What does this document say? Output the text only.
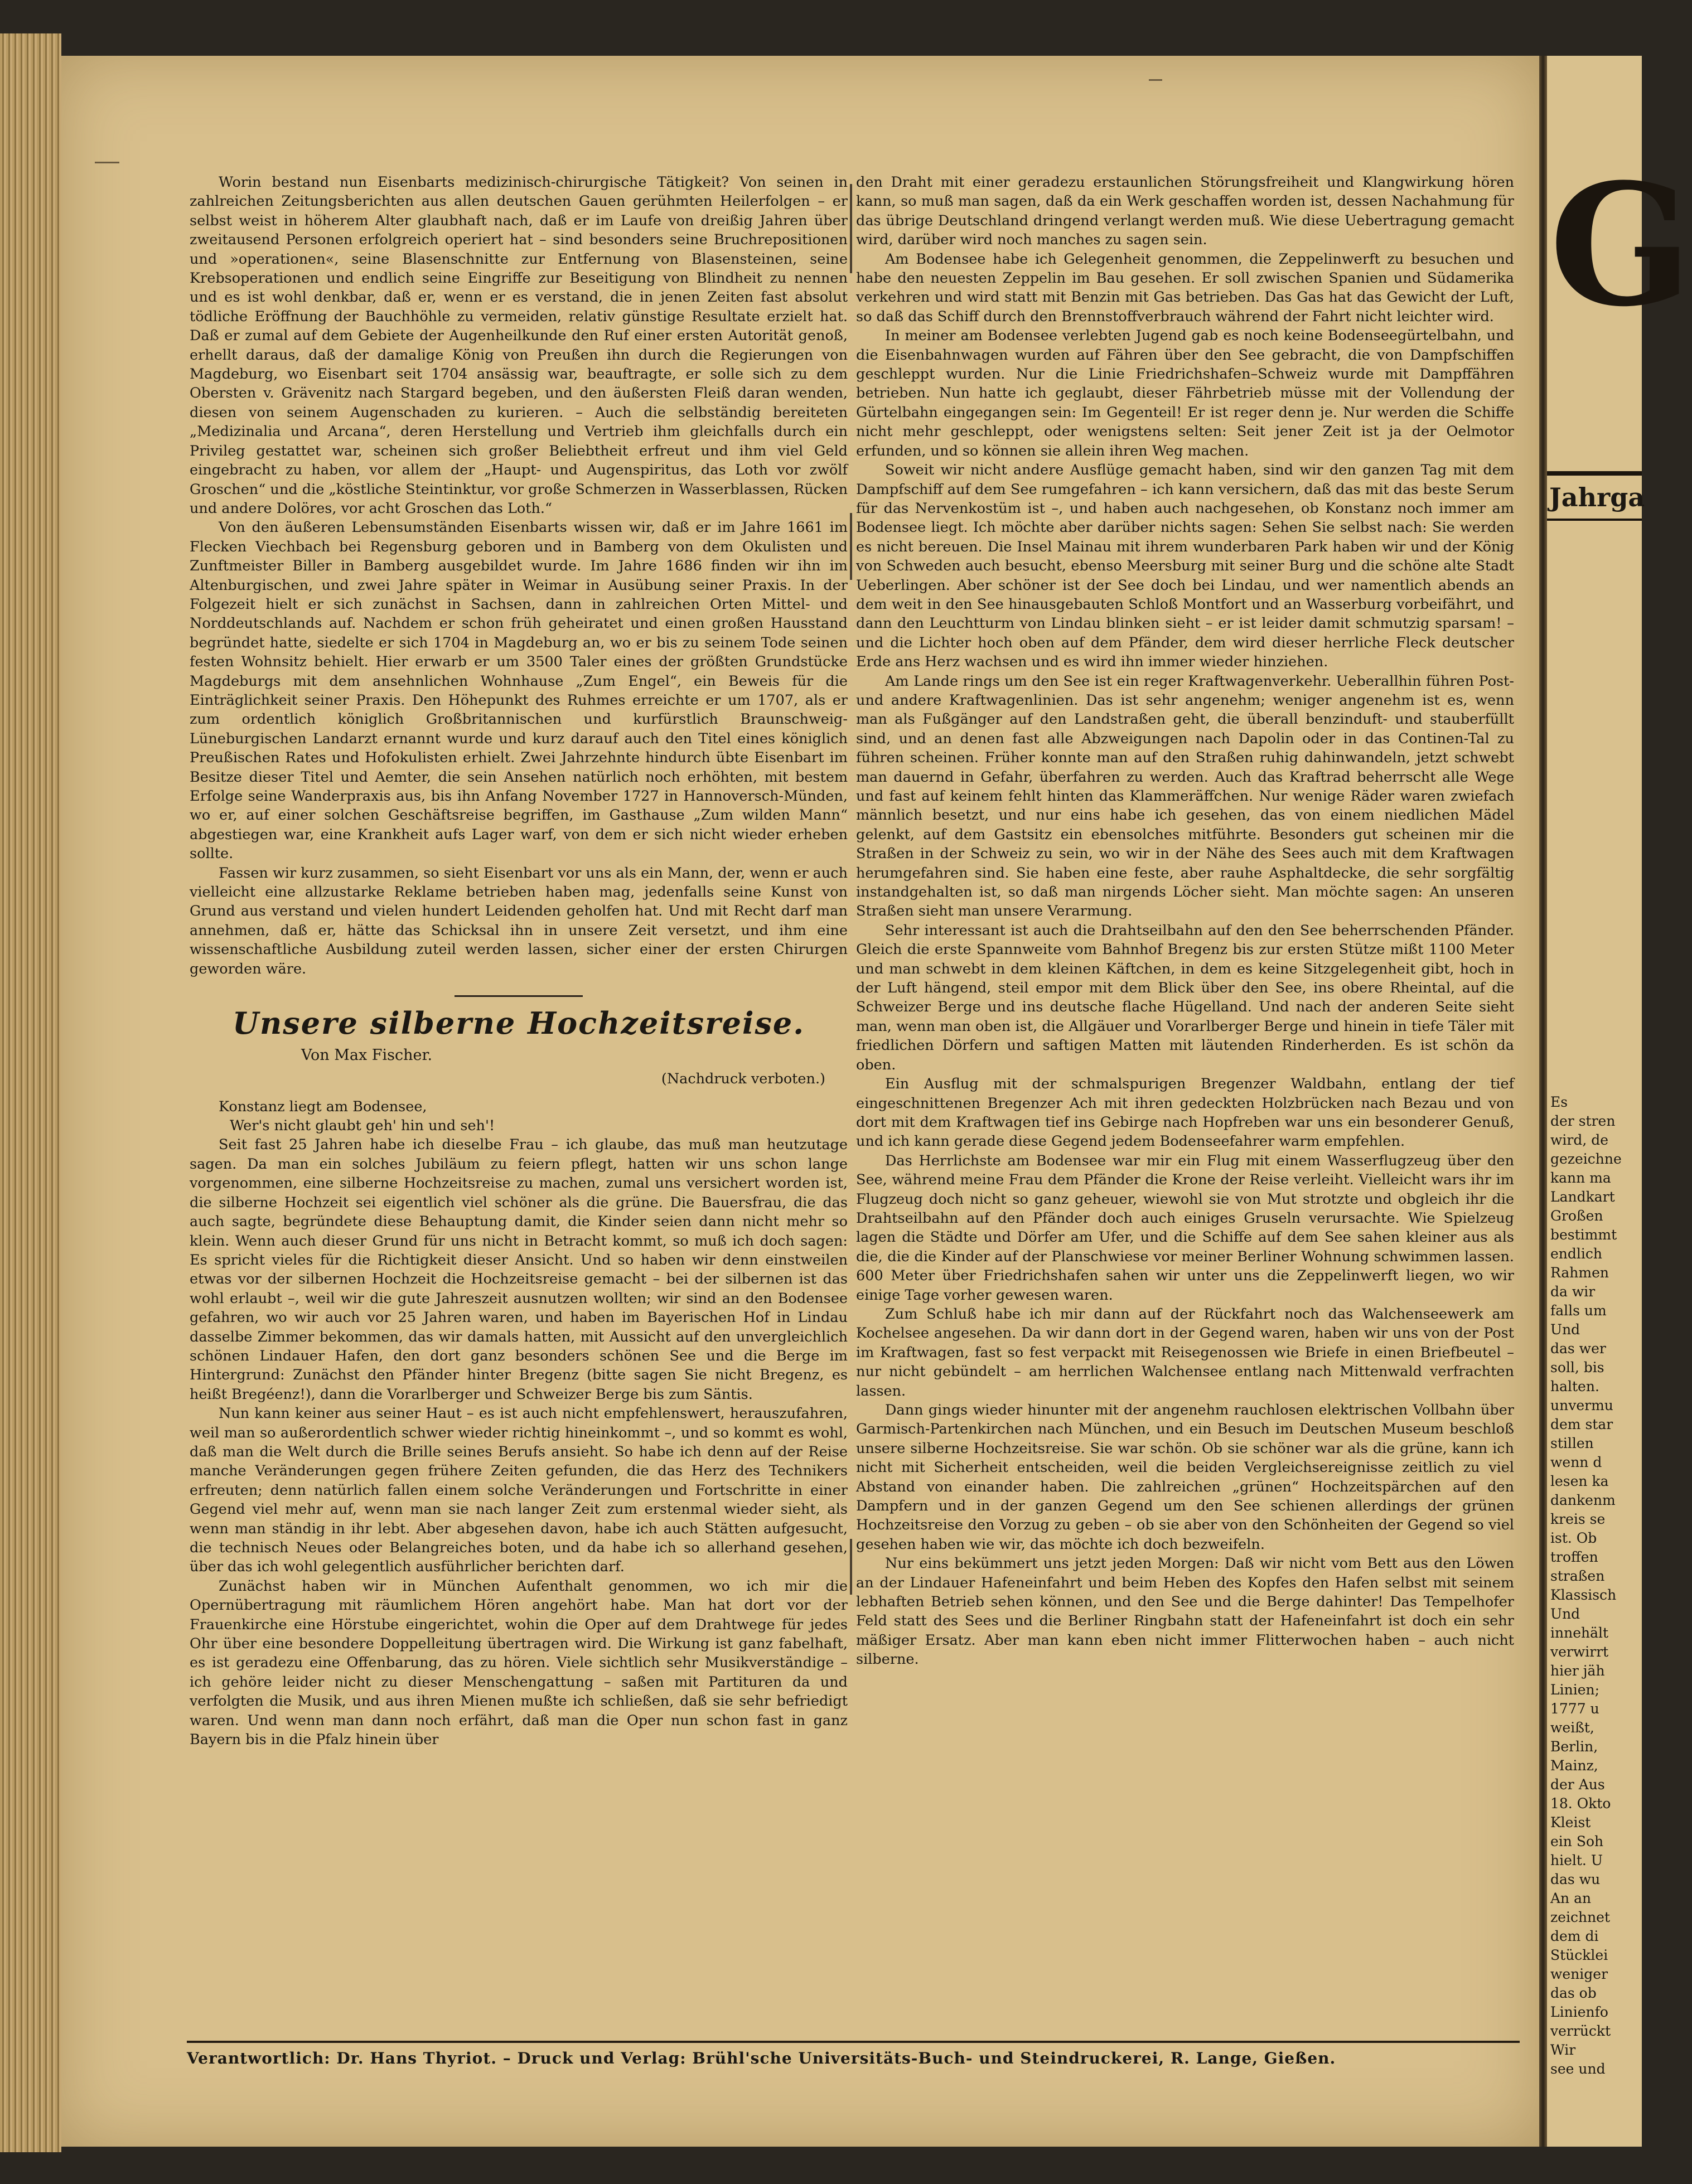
Worin bestand nun Eisenbarts medizinisch-chirurgische Tätigkeit? Von seinen in zahlreichen Zeitungsberichten aus allen deutschen Gauen gerühmten Heilerfolgen – er selbst weist in höherem Alter glaubhaft nach, daß er im Laufe von dreißig Jahren über zweitausend Personen erfolgreich operiert hat – sind besonders seine Bruchrepositionen und »operationen«, seine Blasenschnitte zur Entfernung von Blasensteinen, seine Krebsoperationen und endlich seine Eingriffe zur Beseitigung von Blindheit zu nennen und es ist wohl denkbar, daß er, wenn er es verstand, die in jenen Zeiten fast absolut tödliche Eröffnung der Bauchhöhle zu vermeiden, relativ günstige Resultate erzielt hat. Daß er zumal auf dem Gebiete der Augenheilkunde den Ruf einer ersten Autorität genoß, erhellt daraus, daß der damalige König von Preußen ihn durch die Regierungen von Magdeburg, wo Eisenbart seit 1704 ansässig war, beauftragte, er solle sich zu dem Obersten v. Grävenitz nach Stargard begeben, und den äußersten Fleiß daran wenden, diesen von seinem Augenschaden zu kurieren. – Auch die selbständig bereiteten „Medizinalia und Arcana“, deren Herstellung und Vertrieb ihm gleichfalls durch ein Privileg gestattet war, scheinen sich großer Beliebtheit erfreut und ihm viel Geld eingebracht zu haben, vor allem der „Haupt- und Augenspiritus, das Loth vor zwölf Groschen“ und die „köstliche Steintinktur, vor große Schmerzen in Wasserblassen, Rücken und andere Dolöres, vor acht Groschen das Loth.“

Von den äußeren Lebensumständen Eisenbarts wissen wir, daß er im Jahre 1661 im Flecken Viechbach bei Regensburg geboren und in Bamberg von dem Okulisten und Zunftmeister Biller in Bamberg ausgebildet wurde. Im Jahre 1686 finden wir ihn im Altenburgischen, und zwei Jahre später in Weimar in Ausübung seiner Praxis. In der Folgezeit hielt er sich zunächst in Sachsen, dann in zahlreichen Orten Mittel- und Norddeutschlands auf. Nachdem er schon früh geheiratet und einen großen Hausstand begründet hatte, siedelte er sich 1704 in Magdeburg an, wo er bis zu seinem Tode seinen festen Wohnsitz behielt. Hier erwarb er um 3500 Taler eines der größten Grundstücke Magdeburgs mit dem ansehnlichen Wohnhause „Zum Engel“, ein Beweis für die Einträglichkeit seiner Praxis. Den Höhepunkt des Ruhmes erreichte er um 1707, als er zum ordentlich königlich Großbritannischen und kurfürstlich Braunschweig-Lüneburgischen Landarzt ernannt wurde und kurz darauf auch den Titel eines königlich Preußischen Rates und Hofokulisten erhielt. Zwei Jahrzehnte hindurch übte Eisenbart im Besitze dieser Titel und Aemter, die sein Ansehen natürlich noch erhöhten, mit bestem Erfolge seine Wanderpraxis aus, bis ihn Anfang November 1727 in Hannoversch-Münden, wo er, auf einer solchen Geschäftsreise begriffen, im Gasthause „Zum wilden Mann“ abgestiegen war, eine Krankheit aufs Lager warf, von dem er sich nicht wieder erheben sollte.

Fassen wir kurz zusammen, so sieht Eisenbart vor uns als ein Mann, der, wenn er auch vielleicht eine allzustarke Reklame betrieben haben mag, jedenfalls seine Kunst von Grund aus verstand und vielen hundert Leidenden geholfen hat. Und mit Recht darf man annehmen, daß er, hätte das Schicksal ihn in unsere Zeit versetzt, und ihm eine wissenschaftliche Ausbildung zuteil werden lassen, sicher einer der ersten Chirurgen geworden wäre.

Unsere silberne Hochzeitsreise.
Von Max Fischer.
(Nachdruck verboten.)

Konstanz liegt am Bodensee,
Wer's nicht glaubt geh' hin und seh'!

Seit fast 25 Jahren habe ich dieselbe Frau – ich glaube, das muß man heutzutage sagen. Da man ein solches Jubiläum zu feiern pflegt, hatten wir uns schon lange vorgenommen, eine silberne Hochzeitsreise zu machen, zumal uns versichert worden ist, die silberne Hochzeit sei eigentlich viel schöner als die grüne. Die Bauersfrau, die das auch sagte, begründete diese Behauptung damit, die Kinder seien dann nicht mehr so klein. Wenn auch dieser Grund für uns nicht in Betracht kommt, so muß ich doch sagen: Es spricht vieles für die Richtigkeit dieser Ansicht. Und so haben wir denn einstweilen etwas vor der silbernen Hochzeit die Hochzeitsreise gemacht – bei der silbernen ist das wohl erlaubt –, weil wir die gute Jahreszeit ausnutzen wollten; wir sind an den Bodensee gefahren, wo wir auch vor 25 Jahren waren, und haben im Bayerischen Hof in Lindau dasselbe Zimmer bekommen, das wir damals hatten, mit Aussicht auf den unvergleichlich schönen Lindauer Hafen, den dort ganz besonders schönen See und die Berge im Hintergrund: Zunächst den Pfänder hinter Bregenz (bitte sagen Sie nicht Bregenz, es heißt Bregéenz!), dann die Vorarlberger und Schweizer Berge bis zum Säntis.

Nun kann keiner aus seiner Haut – es ist auch nicht empfehlenswert, herauszufahren, weil man so außerordentlich schwer wieder richtig hineinkommt –, und so kommt es wohl, daß man die Welt durch die Brille seines Berufs ansieht. So habe ich denn auf der Reise manche Veränderungen gegen frühere Zeiten gefunden, die das Herz des Technikers erfreuten; denn natürlich fallen einem solche Veränderungen und Fortschritte in einer Gegend viel mehr auf, wenn man sie nach langer Zeit zum erstenmal wieder sieht, als wenn man ständig in ihr lebt. Aber abgesehen davon, habe ich auch Stätten aufgesucht, die technisch Neues oder Belangreiches boten, und da habe ich so allerhand gesehen, über das ich wohl gelegentlich ausführlicher berichten darf.

Zunächst haben wir in München Aufenthalt genommen, wo ich mir die Opernübertragung mit räumlichem Hören angehört habe. Man hat dort vor der Frauenkirche eine Hörstube eingerichtet, wohin die Oper auf dem Drahtwege für jedes Ohr über eine besondere Doppelleitung übertragen wird. Die Wirkung ist ganz fabelhaft, es ist geradezu eine Offenbarung, das zu hören. Viele sichtlich sehr Musikverständige – ich gehöre leider nicht zu dieser Menschengattung – saßen mit Partituren da und verfolgten die Musik, und aus ihren Mienen mußte ich schließen, daß sie sehr befriedigt waren. Und wenn man dann noch erfährt, daß man die Oper nun schon fast in ganz Bayern bis in die Pfalz hinein über

den Draht mit einer geradezu erstaunlichen Störungsfreiheit und Klangwirkung hören kann, so muß man sagen, daß da ein Werk geschaffen worden ist, dessen Nachahmung für das übrige Deutschland dringend verlangt werden muß. Wie diese Uebertragung gemacht wird, darüber wird noch manches zu sagen sein.

Am Bodensee habe ich Gelegenheit genommen, die Zeppelinwerft zu besuchen und habe den neuesten Zeppelin im Bau gesehen. Er soll zwischen Spanien und Südamerika verkehren und wird statt mit Benzin mit Gas betrieben. Das Gas hat das Gewicht der Luft, so daß das Schiff durch den Brennstoffverbrauch während der Fahrt nicht leichter wird.

In meiner am Bodensee verlebten Jugend gab es noch keine Bodenseegürtelbahn, und die Eisenbahnwagen wurden auf Fähren über den See gebracht, die von Dampfschiffen geschleppt wurden. Nur die Linie Friedrichshafen–Schweiz wurde mit Dampffähren betrieben. Nun hatte ich geglaubt, dieser Fährbetrieb müsse mit der Vollendung der Gürtelbahn eingegangen sein: Im Gegenteil! Er ist reger denn je. Nur werden die Schiffe nicht mehr geschleppt, oder wenigstens selten: Seit jener Zeit ist ja der Oelmotor erfunden, und so können sie allein ihren Weg machen.

Soweit wir nicht andere Ausflüge gemacht haben, sind wir den ganzen Tag mit dem Dampfschiff auf dem See rumgefahren – ich kann versichern, daß das mit das beste Serum für das Nervenkostüm ist –, und haben auch nachgesehen, ob Konstanz noch immer am Bodensee liegt. Ich möchte aber darüber nichts sagen: Sehen Sie selbst nach: Sie werden es nicht bereuen. Die Insel Mainau mit ihrem wunderbaren Park haben wir und der König von Schweden auch besucht, ebenso Meersburg mit seiner Burg und die schöne alte Stadt Ueberlingen. Aber schöner ist der See doch bei Lindau, und wer namentlich abends an dem weit in den See hinausgebauten Schloß Montfort und an Wasserburg vorbeifährt, und dann den Leuchtturm von Lindau blinken sieht – er ist leider damit schmutzig sparsam! – und die Lichter hoch oben auf dem Pfänder, dem wird dieser herrliche Fleck deutscher Erde ans Herz wachsen und es wird ihn immer wieder hinziehen.

Am Lande rings um den See ist ein reger Kraftwagenverkehr. Ueberallhin führen Post- und andere Kraftwagenlinien. Das ist sehr angenehm; weniger angenehm ist es, wenn man als Fußgänger auf den Landstraßen geht, die überall benzinduft- und stauberfüllt sind, und an denen fast alle Abzweigungen nach Dapolin oder in das Continen-Tal zu führen scheinen. Früher konnte man auf den Straßen ruhig dahinwandeln, jetzt schwebt man dauernd in Gefahr, überfahren zu werden. Auch das Kraftrad beherrscht alle Wege und fast auf keinem fehlt hinten das Klammeräffchen. Nur wenige Räder waren zwiefach männlich besetzt, und nur eins habe ich gesehen, das von einem niedlichen Mädel gelenkt, auf dem Gastsitz ein ebensolches mitführte. Besonders gut scheinen mir die Straßen in der Schweiz zu sein, wo wir in der Nähe des Sees auch mit dem Kraftwagen herumgefahren sind. Sie haben eine feste, aber rauhe Asphaltdecke, die sehr sorgfältig instandgehalten ist, so daß man nirgends Löcher sieht. Man möchte sagen: An unseren Straßen sieht man unsere Verarmung.

Sehr interessant ist auch die Drahtseilbahn auf den den See beherrschenden Pfänder. Gleich die erste Spannweite vom Bahnhof Bregenz bis zur ersten Stütze mißt 1100 Meter und man schwebt in dem kleinen Käftchen, in dem es keine Sitzgelegenheit gibt, hoch in der Luft hängend, steil empor mit dem Blick über den See, ins obere Rheintal, auf die Schweizer Berge und ins deutsche flache Hügelland. Und nach der anderen Seite sieht man, wenn man oben ist, die Allgäuer und Vorarlberger Berge und hinein in tiefe Täler mit friedlichen Dörfern und saftigen Matten mit läutenden Rinderherden. Es ist schön da oben.

Ein Ausflug mit der schmalspurigen Bregenzer Waldbahn, entlang der tief eingeschnittenen Bregenzer Ach mit ihren gedeckten Holzbrücken nach Bezau und von dort mit dem Kraftwagen tief ins Gebirge nach Hopfreben war uns ein besonderer Genuß, und ich kann gerade diese Gegend jedem Bodenseefahrer warm empfehlen.

Das Herrlichste am Bodensee war mir ein Flug mit einem Wasserflugzeug über den See, während meine Frau dem Pfänder die Krone der Reise verleiht. Vielleicht wars ihr im Flugzeug doch nicht so ganz geheuer, wiewohl sie von Mut strotzte und obgleich ihr die Drahtseilbahn auf den Pfänder doch auch einiges Gruseln verursachte. Wie Spielzeug lagen die Städte und Dörfer am Ufer, und die Schiffe auf dem See sahen kleiner aus als die, die die Kinder auf der Planschwiese vor meiner Berliner Wohnung schwimmen lassen. 600 Meter über Friedrichshafen sahen wir unter uns die Zeppelinwerft liegen, wo wir einige Tage vorher gewesen waren.

Zum Schluß habe ich mir dann auf der Rückfahrt noch das Walchenseewerk am Kochelsee angesehen. Da wir dann dort in der Gegend waren, haben wir uns von der Post im Kraftwagen, fast so fest verpackt mit Reisegenossen wie Briefe in einen Briefbeutel – nur nicht gebündelt – am herrlichen Walchensee entlang nach Mittenwald verfrachten lassen.

Dann gings wieder hinunter mit der angenehm rauchlosen elektrischen Vollbahn über Garmisch-Partenkirchen nach München, und ein Besuch im Deutschen Museum beschloß unsere silberne Hochzeitsreise. Sie war schön. Ob sie schöner war als die grüne, kann ich nicht mit Sicherheit entscheiden, weil die beiden Vergleichsereignisse zeitlich zu viel Abstand von einander haben. Die zahlreichen „grünen“ Hochzeitspärchen auf den Dampfern und in der ganzen Gegend um den See schienen allerdings der grünen Hochzeitsreise den Vorzug zu geben – ob sie aber von den Schönheiten der Gegend so viel gesehen haben wie wir, das möchte ich doch bezweifeln.

Nur eins bekümmert uns jetzt jeden Morgen: Daß wir nicht vom Bett aus den Löwen an der Lindauer Hafeneinfahrt und beim Heben des Kopfes den Hafen selbst mit seinem lebhaften Betrieb sehen können, und den See und die Berge dahinter! Das Tempelhofer Feld statt des Sees und die Berliner Ringbahn statt der Hafeneinfahrt ist doch ein sehr mäßiger Ersatz. Aber man kann eben nicht immer Flitterwochen haben – auch nicht silberne.

Verantwortlich: Dr. Hans Thyriot. – Druck und Verlag: Brühl'sche Universitäts-Buch- und Steindruckerei, R. Lange, Gießen.
G
Jahrga
Es
der stren
wird, de
gezeichne
kann ma
Landkart
Großen
bestimmt
endlich
Rahmen
da wir
falls um
Und
das wer
soll, bis
halten.
unvermu
dem star
stillen
wenn d
lesen ka
dankenm
kreis se
ist. Ob
troffen
straßen
Klassisch
Und
innehält
verwirrt
hier jäh
Linien;
1777 u
weißt,
Berlin,
Mainz,
der Aus
18. Okto
Kleist
ein Soh
hielt. U
das wu
An an
zeichnet
dem di
Stücklei
weniger
das ob
Linienfo
verrückt
Wir
see und
